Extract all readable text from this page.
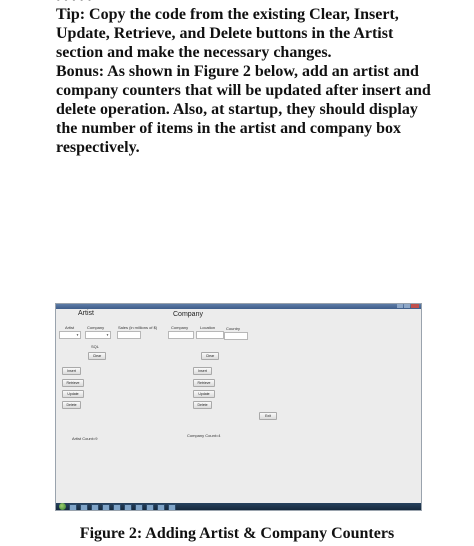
Tip: Copy the code from the existing Clear, Insert, Update, Retrieve, and Delete buttons in the Artist section and make the necessary changes.

Bonus: As shown in Figure 2 below, add an artist and company counters that will be updated after insert and delete operation. Also, at startup, they should display the number of items in the artist and company box respectively.

Artist
Artist	Company	Sales (in millions of $)
▼	▼
SQL
Clear
Insert
Retrieve
Update
Delete
Artist Count=9
Company
Company	Location	Country
Clear
Insert
Retrieve
Update
Delete
Company Count=4
Exit
Figure 2: Adding Artist & Company Counters
